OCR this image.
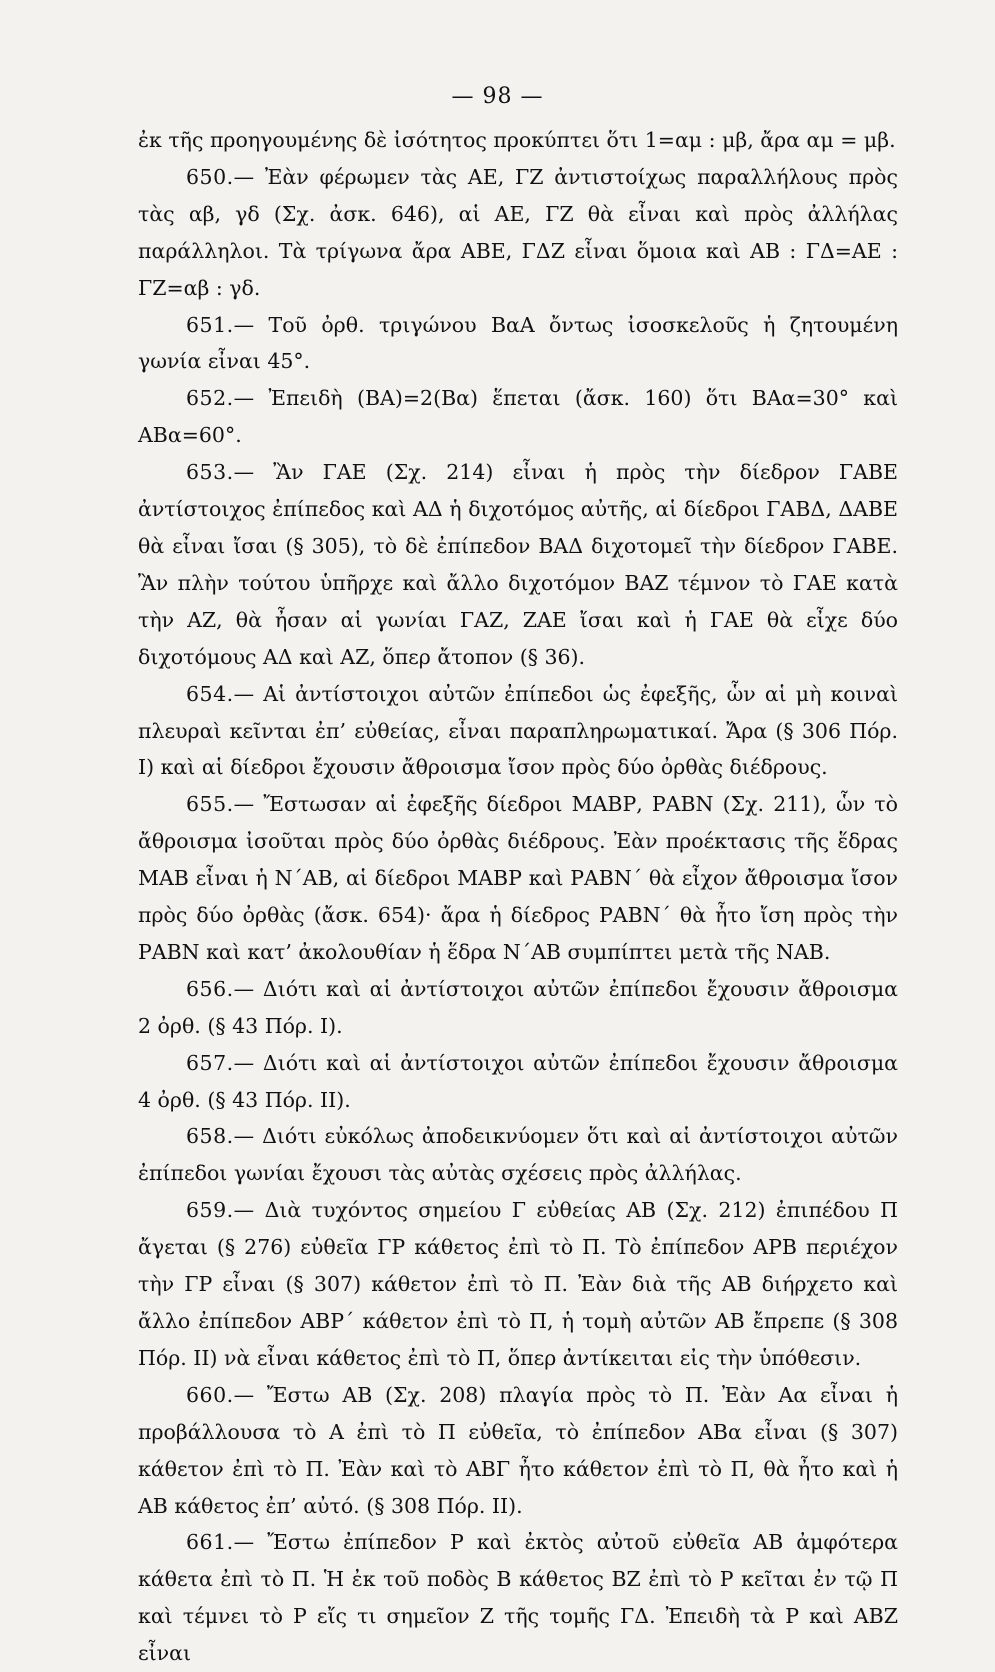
— 98 —

ἐκ τῆς προηγουμένης δὲ ἰσότητος προκύπτει ὅτι 1=αμ : μβ, ἄρα αμ = μβ.

650.— Ἐὰν φέρωμεν τὰς ΑΕ, ΓΖ ἀντιστοίχως παραλλήλους πρὸς τὰς αβ, γδ (Σχ. ἀσκ. 646), αἱ ΑΕ, ΓΖ θὰ εἶναι καὶ πρὸς ἀλλήλας παράλληλοι. Τὰ τρίγωνα ἄρα ΑΒΕ, ΓΔΖ εἶναι ὅμοια καὶ ΑΒ : ΓΔ=ΑΕ : ΓΖ=αβ : γδ.

651.— Τοῦ ὀρθ. τριγώνου ΒαΑ ὄντως ἰσοσκελοῦς ἡ ζητουμένη γωνία εἶναι 45°.

652.— Ἐπειδὴ (ΒΑ)=2(Βα) ἕπεται (ἄσκ. 160) ὅτι ΒΑα=30° καὶ ΑΒα=60°.

653.— Ἂν ΓΑΕ (Σχ. 214) εἶναι ἡ πρὸς τὴν δίεδρον ΓΑΒΕ ἀντίστοιχος ἐπίπεδος καὶ ΑΔ ἡ διχοτόμος αὐτῆς, αἱ δίεδροι ΓΑΒΔ, ΔΑΒΕ θὰ εἶναι ἴσαι (§ 305), τὸ δὲ ἐπίπεδον ΒΑΔ διχοτομεῖ τὴν δίεδρον ΓΑΒΕ. Ἂν πλὴν τούτου ὑπῆρχε καὶ ἄλλο διχοτόμον ΒΑΖ τέμνον τὸ ΓΑΕ κατὰ τὴν ΑΖ, θὰ ἦσαν αἱ γωνίαι ΓΑΖ, ΖΑΕ ἴσαι καὶ ἡ ΓΑΕ θὰ εἶχε δύο διχοτόμους ΑΔ καὶ ΑΖ, ὅπερ ἄτοπον (§ 36).

654.— Αἱ ἀντίστοιχοι αὐτῶν ἐπίπεδοι ὡς ἐφεξῆς, ὧν αἱ μὴ κοιναὶ πλευραὶ κεῖνται ἐπ’ εὐθείας, εἶναι παραπληρωματικαί. Ἄρα (§ 306 Πόρ. Ι) καὶ αἱ δίεδροι ἔχουσιν ἄθροισμα ἴσον πρὸς δύο ὀρθὰς διέδρους.

655.— Ἔστωσαν αἱ ἐφεξῆς δίεδροι ΜΑΒΡ, ΡΑΒΝ (Σχ. 211), ὧν τὸ ἄθροισμα ἰσοῦται πρὸς δύο ὀρθὰς διέδρους. Ἐὰν προέκτασις τῆς ἕδρας ΜΑΒ εἶναι ἡ Ν΄ΑΒ, αἱ δίεδροι ΜΑΒΡ καὶ ΡΑΒΝ΄ θὰ εἶχον ἄθροισμα ἴσον πρὸς δύο ὀρθὰς (ἄσκ. 654)· ἄρα ἡ δίεδρος ΡΑΒΝ΄ θὰ ἦτο ἴση πρὸς τὴν ΡΑΒΝ καὶ κατ’ ἀκολουθίαν ἡ ἕδρα Ν΄ΑΒ συμπίπτει μετὰ τῆς ΝΑΒ.

656.— Διότι καὶ αἱ ἀντίστοιχοι αὐτῶν ἐπίπεδοι ἔχουσιν ἄθροισμα 2 ὀρθ. (§ 43 Πόρ. Ι).

657.— Διότι καὶ αἱ ἀντίστοιχοι αὐτῶν ἐπίπεδοι ἔχουσιν ἄθροισμα 4 ὀρθ. (§ 43 Πόρ. ΙΙ).

658.— Διότι εὐκόλως ἀποδεικνύομεν ὅτι καὶ αἱ ἀντίστοιχοι αὐτῶν ἐπίπεδοι γωνίαι ἔχουσι τὰς αὐτὰς σχέσεις πρὸς ἀλλήλας.

659.— Διὰ τυχόντος σημείου Γ εὐθείας ΑΒ (Σχ. 212) ἐπιπέδου Π ἄγεται (§ 276) εὐθεῖα ΓΡ κάθετος ἐπὶ τὸ Π. Τὸ ἐπίπεδον ΑΡΒ περιέχον τὴν ΓΡ εἶναι (§ 307) κάθετον ἐπὶ τὸ Π. Ἐὰν διὰ τῆς ΑΒ διήρχετο καὶ ἄλλο ἐπίπεδον ΑΒΡ΄ κάθετον ἐπὶ τὸ Π, ἡ τομὴ αὐτῶν ΑΒ ἔπρεπε (§ 308 Πόρ. ΙΙ) νὰ εἶναι κάθετος ἐπὶ τὸ Π, ὅπερ ἀντίκειται εἰς τὴν ὑπόθεσιν.

660.— Ἔστω ΑΒ (Σχ. 208) πλαγία πρὸς τὸ Π. Ἐὰν Αα εἶναι ἡ προβάλλουσα τὸ Α ἐπὶ τὸ Π εὐθεῖα, τὸ ἐπίπεδον ΑΒα εἶναι (§ 307) κάθετον ἐπὶ τὸ Π. Ἐὰν καὶ τὸ ΑΒΓ ἦτο κάθετον ἐπὶ τὸ Π, θὰ ἦτο καὶ ἡ ΑΒ κάθετος ἐπ’ αὐτό. (§ 308 Πόρ. ΙΙ).

661.— Ἔστω ἐπίπεδον Ρ καὶ ἐκτὸς αὐτοῦ εὐθεῖα ΑΒ ἀμφότερα κάθετα ἐπὶ τὸ Π. Ἡ ἐκ τοῦ ποδὸς Β κάθετος ΒΖ ἐπὶ τὸ Ρ κεῖται ἐν τῷ Π καὶ τέμνει τὸ Ρ εἴς τι σημεῖον Ζ τῆς τομῆς ΓΔ. Ἐπειδὴ τὰ Ρ καὶ ΑΒΖ εἶναι
